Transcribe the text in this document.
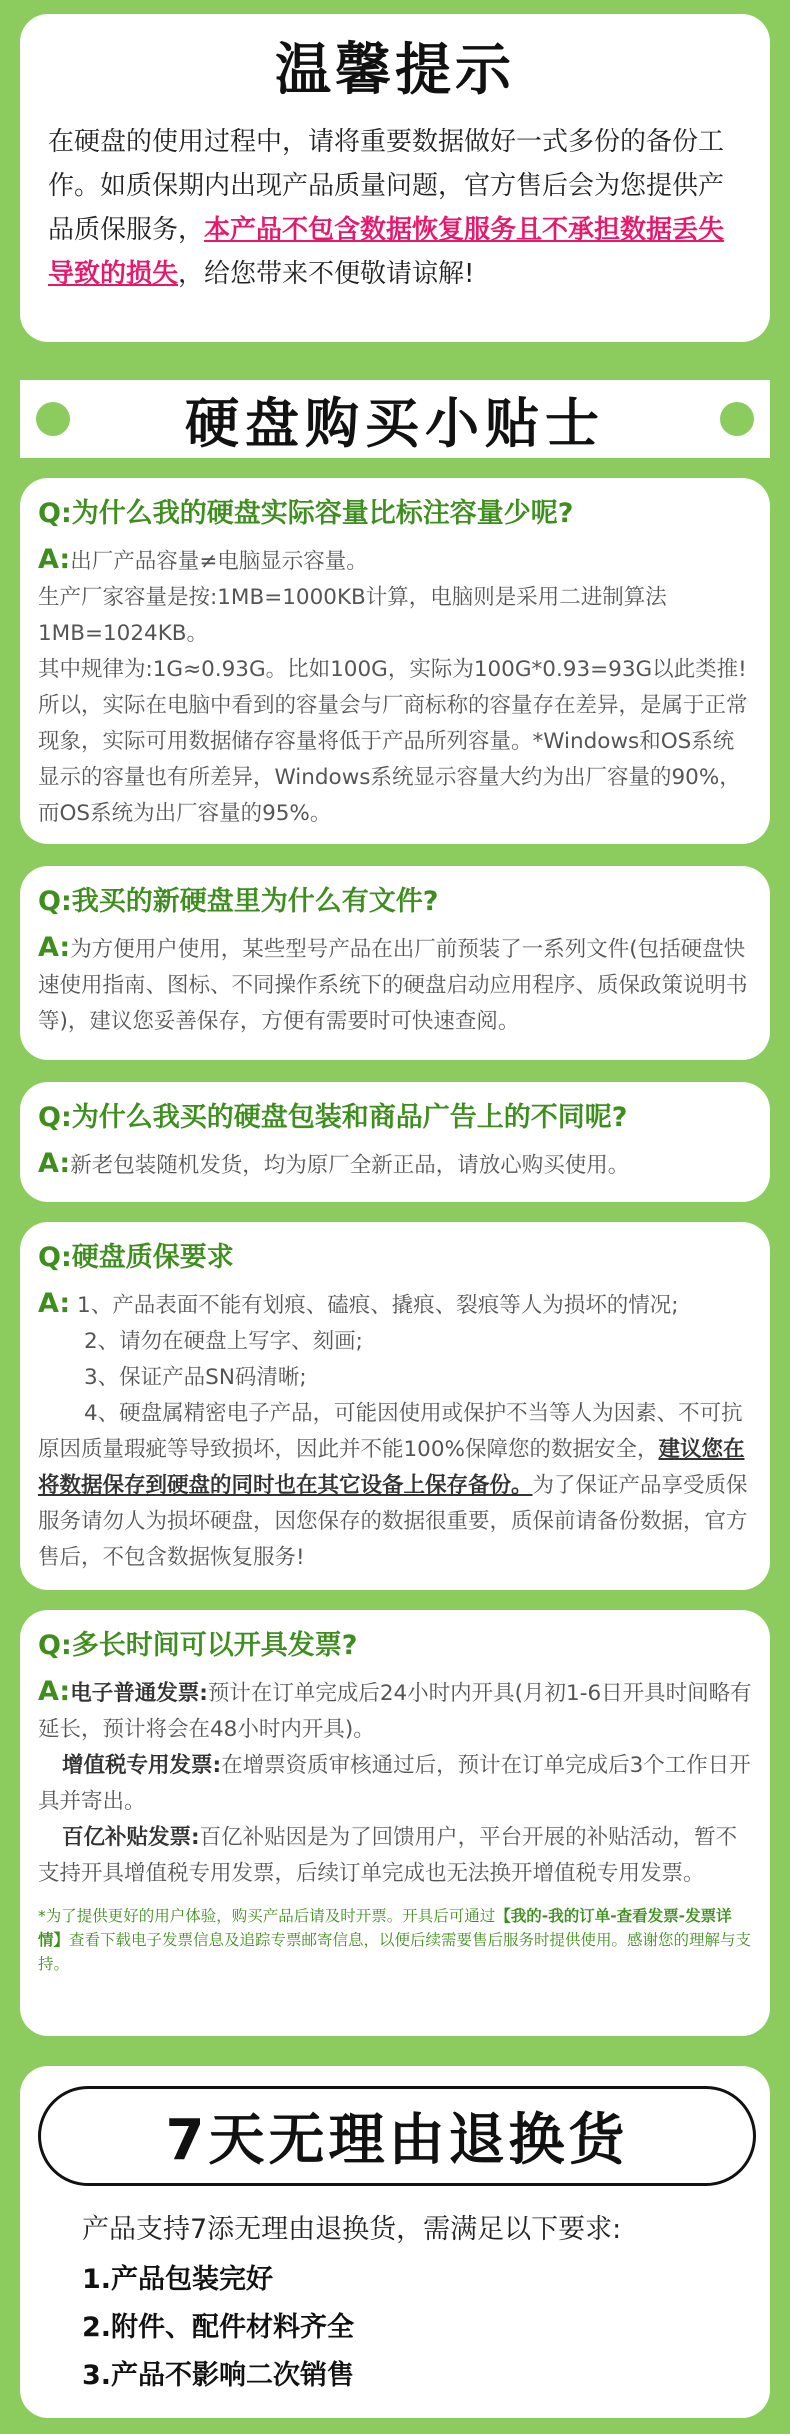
温馨提示
在硬盘的使用过程中，请将重要数据做好一式多份的备份工作。如质保期内出现产品质量问题，官方售后会为您提供产品质保服务，本产品不包含数据恢复服务且不承担数据丢失导致的损失，给您带来不便敬请谅解!
硬盘购买小贴士
Q:为什么我的硬盘实际容量比标注容量少呢?
A:出厂产品容量≠电脑显示容量。
生产厂家容量是按:1MB=1000KB计算，电脑则是采用二进制算法1MB=1024KB。
其中规律为:1G≈0.93G。比如100G，实际为100G*0.93=93G以此类推!所以，实际在电脑中看到的容量会与厂商标称的容量存在差异，是属于正常现象，实际可用数据储存容量将低于产品所列容量。*Windows和OS系统显示的容量也有所差异，Windows系统显示容量大约为出厂容量的90%，而OS系统为出厂容量的95%。
Q:我买的新硬盘里为什么有文件?
A:为方便用户使用，某些型号产品在出厂前预装了一系列文件(包括硬盘快速使用指南、图标、不同操作系统下的硬盘启动应用程序、质保政策说明书等)，建议您妥善保存，方便有需要时可快速查阅。
Q:为什么我买的硬盘包装和商品广告上的不同呢?
A:新老包装随机发货，均为原厂全新正品，请放心购买使用。
Q:硬盘质保要求
A: 1、产品表面不能有划痕、磕痕、撬痕、裂痕等人为损坏的情况;
2、请勿在硬盘上写字、刻画;
3、保证产品SN码清晰;
4、硬盘属精密电子产品，可能因使用或保护不当等人为因素、不可抗原因质量瑕疵等导致损坏，因此并不能100%保障您的数据安全，建议您在将数据保存到硬盘的同时也在其它设备上保存备份。为了保证产品享受质保服务请勿人为损坏硬盘，因您保存的数据很重要，质保前请备份数据，官方售后，不包含数据恢复服务!
Q:多长时间可以开具发票?
A:电子普通发票:预计在订单完成后24小时内开具(月初1-6日开具时间略有延长，预计将会在48小时内开具)。
增值税专用发票:在增票资质审核通过后，预计在订单完成后3个工作日开具并寄出。
百亿补贴发票:百亿补贴因是为了回馈用户，平台开展的补贴活动，暂不支持开具增值税专用发票，后续订单完成也无法换开增值税专用发票。
*为了提供更好的用户体验，购买产品后请及时开票。开具后可通过【我的-我的订单-查看发票-发票详情】查看下载电子发票信息及追踪专票邮寄信息，以便后续需要售后服务时提供使用。感谢您的理解与支持。
7天无理由退换货
产品支持7添无理由退换货，需满足以下要求:
1.产品包装完好
2.附件、配件材料齐全
3.产品不影响二次销售
